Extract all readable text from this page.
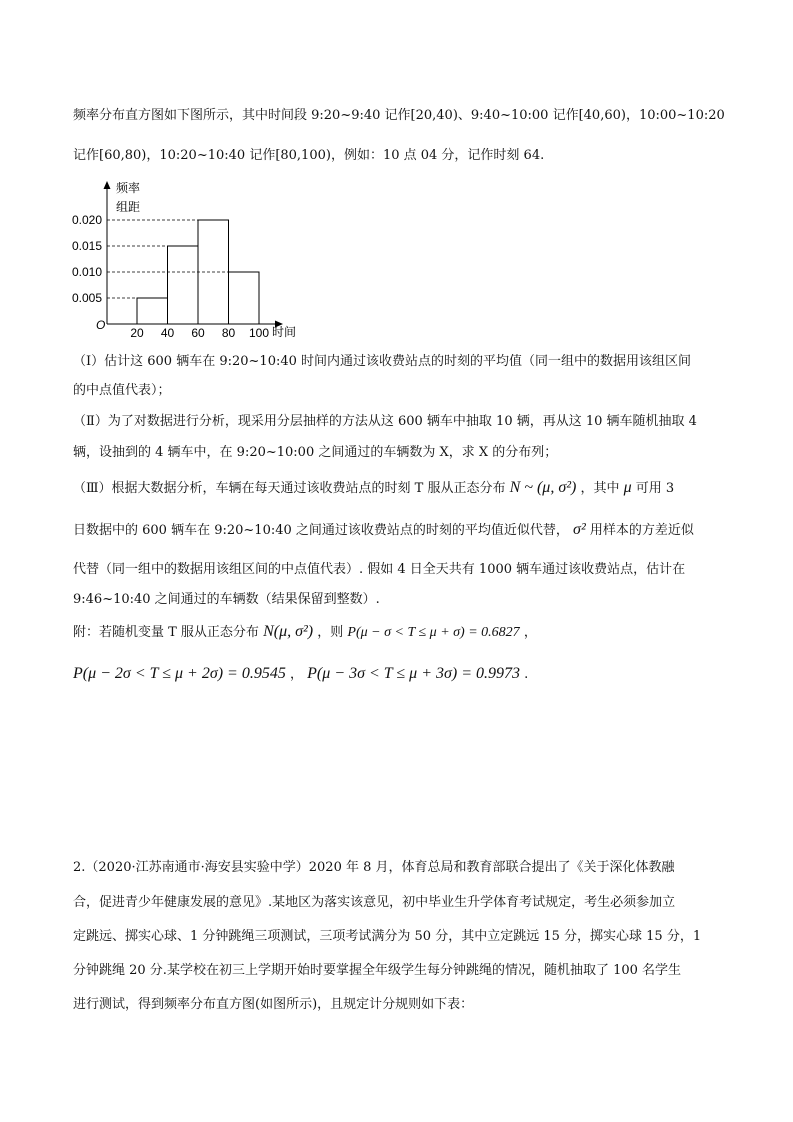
频率分布直方图如下图所示，其中时间段 9:20~9:40 记作[20,40)、9:40~10:00 记作[40,60)，10:00~10:20
记作[60,80)，10:20~10:40 记作[80,100)，例如：10 点 04 分，记作时刻 64.
频率
组距
O	时间
0.005
0.010
0.015
0.020
20 40 60 80 100
（Ⅰ）估计这 600 辆车在 9:20~10:40 时间内通过该收费站点的时刻的平均值（同一组中的数据用该组区间
的中点值代表）；
（Ⅱ）为了对数据进行分析，现采用分层抽样的方法从这 600 辆车中抽取 10 辆，再从这 10 辆车随机抽取 4
辆，设抽到的 4 辆车中，在 9:20~10:00 之间通过的车辆数为 X，求 X 的分布列；
（Ⅲ）根据大数据分析，车辆在每天通过该收费站点的时刻 T 服从正态分布 N ~ (μ, σ²) ，其中 μ 可用 3
日数据中的 600 辆车在 9:20~10:40 之间通过该收费站点的时刻的平均值近似代替， σ² 用样本的方差近似
代替（同一组中的数据用该组区间的中点值代表）. 假如 4 日全天共有 1000 辆车通过该收费站点，估计在
9:46~10:40 之间通过的车辆数（结果保留到整数）.
附：若随机变量 T 服从正态分布 N(μ, σ²) ，则 P(μ − σ < T ≤ μ + σ) = 0.6827 ，
P(μ − 2σ < T ≤ μ + 2σ) = 0.9545 ， P(μ − 3σ < T ≤ μ + 3σ) = 0.9973 .
2.（2020·江苏南通市·海安县实验中学）2020 年 8 月，体育总局和教育部联合提出了《关于深化体教融
合，促进青少年健康发展的意见》.某地区为落实该意见，初中毕业生升学体育考试规定，考生必须参加立
定跳远、掷实心球、1 分钟跳绳三项测试，三项考试满分为 50 分，其中立定跳远 15 分，掷实心球 15 分，1
分钟跳绳 20 分.某学校在初三上学期开始时要掌握全年级学生每分钟跳绳的情况，随机抽取了 100 名学生
进行测试，得到频率分布直方图(如图所示)，且规定计分规则如下表：
